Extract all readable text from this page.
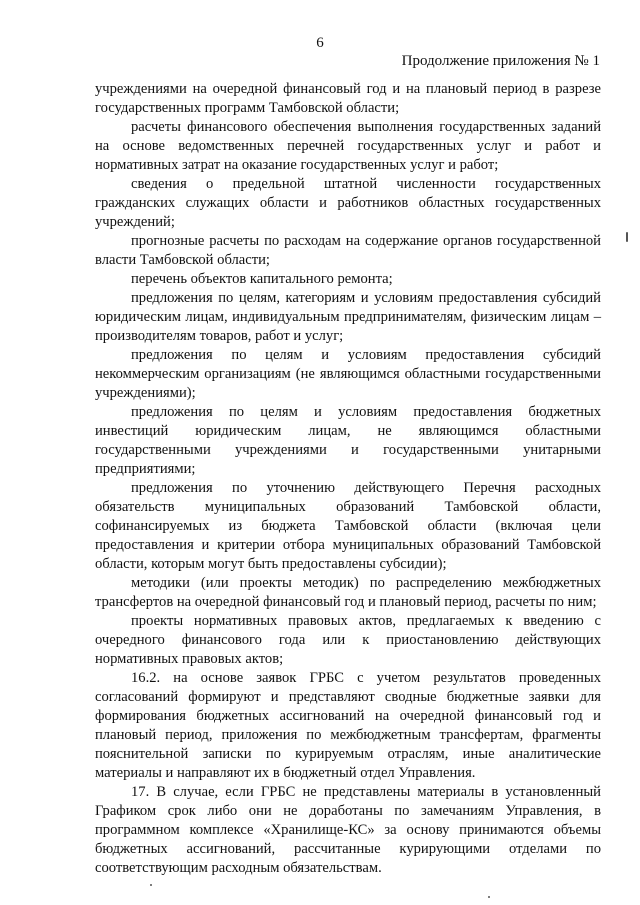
6
Продолжение приложения № 1

учреждениями на очередной финансовый год и на плановый период в разрезе государственных программ Тамбовской области;

расчеты финансового обеспечения выполнения государственных заданий на основе ведомственных перечней государственных услуг и работ и нормативных затрат на оказание государственных услуг и работ;

сведения о предельной штатной численности государственных гражданских служащих области и работников областных государственных учреждений;

прогнозные расчеты по расходам на содержание органов государственной власти Тамбовской области;

перечень объектов капитального ремонта;

предложения по целям, категориям и условиям предоставления субсидий юридическим лицам, индивидуальным предпринимателям, физическим лицам – производителям товаров, работ и услуг;

предложения по целям и условиям предоставления субсидий некоммерческим организациям (не являющимся областными государственными учреждениями);

предложения по целям и условиям предоставления бюджетных инвестиций юридическим лицам, не являющимся областными государственными учреждениями и государственными унитарными предприятиями;

предложения по уточнению действующего Перечня расходных обязательств муниципальных образований Тамбовской области, софинансируемых из бюджета Тамбовской области (включая цели предоставления и критерии отбора муниципальных образований Тамбовской области, которым могут быть предоставлены субсидии);

методики (или проекты методик) по распределению межбюджетных трансфертов на очередной финансовый год и плановый период, расчеты по ним;

проекты нормативных правовых актов, предлагаемых к введению с очередного финансового года или к приостановлению действующих нормативных правовых актов;

16.2. на основе заявок ГРБС с учетом результатов проведенных согласований формируют и представляют сводные бюджетные заявки для формирования бюджетных ассигнований на очередной финансовый год и плановый период, приложения по межбюджетным трансфертам, фрагменты пояснительной записки по курируемым отраслям, иные аналитические материалы и направляют их в бюджетный отдел Управления.

17. В случае, если ГРБС не представлены материалы в установленный Графиком срок либо они не доработаны по замечаниям Управления, в программном комплексе «Хранилище-КС» за основу принимаются объемы бюджетных ассигнований, рассчитанные курирующими отделами по соответствующим расходным обязательствам.
